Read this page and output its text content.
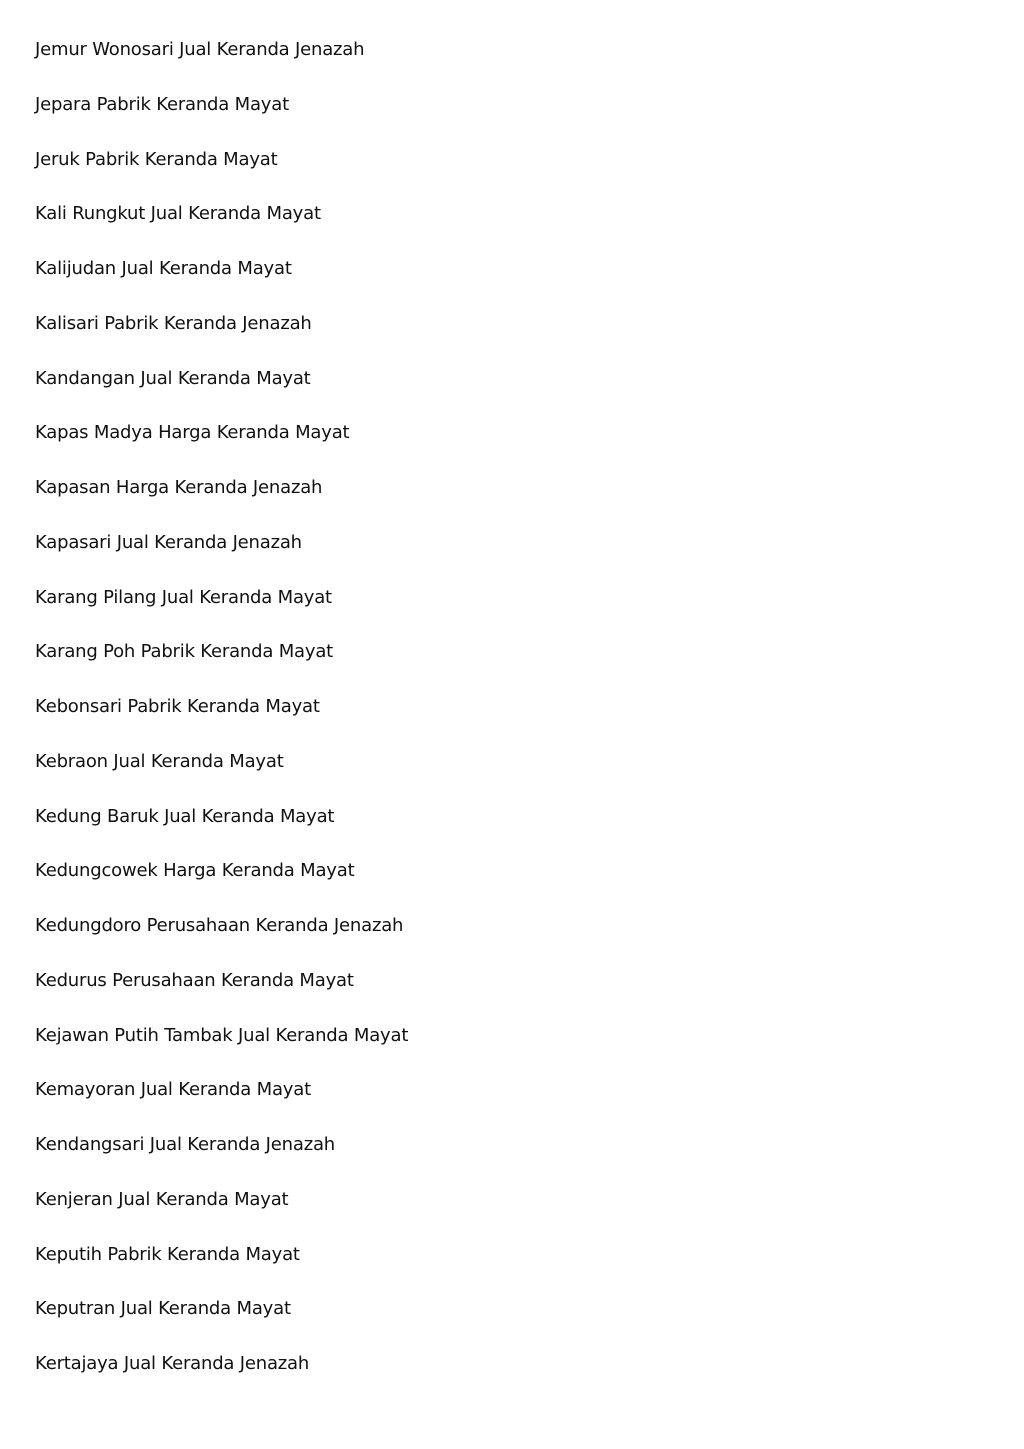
Jemur Wonosari Jual Keranda Jenazah
Jepara Pabrik Keranda Mayat
Jeruk Pabrik Keranda Mayat
Kali Rungkut Jual Keranda Mayat
Kalijudan Jual Keranda Mayat
Kalisari Pabrik Keranda Jenazah
Kandangan Jual Keranda Mayat
Kapas Madya Harga Keranda Mayat
Kapasan Harga Keranda Jenazah
Kapasari Jual Keranda Jenazah
Karang Pilang Jual Keranda Mayat
Karang Poh Pabrik Keranda Mayat
Kebonsari Pabrik Keranda Mayat
Kebraon Jual Keranda Mayat
Kedung Baruk Jual Keranda Mayat
Kedungcowek Harga Keranda Mayat
Kedungdoro Perusahaan Keranda Jenazah
Kedurus Perusahaan Keranda Mayat
Kejawan Putih Tambak Jual Keranda Mayat
Kemayoran Jual Keranda Mayat
Kendangsari Jual Keranda Jenazah
Kenjeran Jual Keranda Mayat
Keputih Pabrik Keranda Mayat
Keputran Jual Keranda Mayat
Kertajaya Jual Keranda Jenazah
